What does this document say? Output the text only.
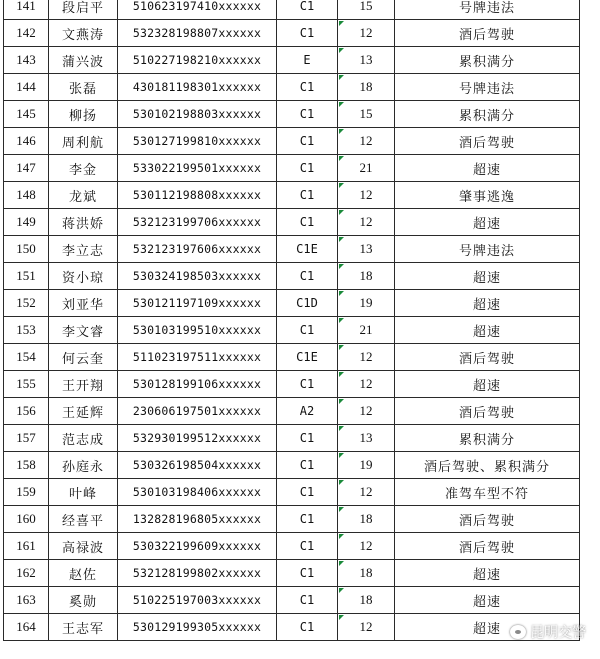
141	段启平	510623197410xxxxxx	C1	15	号牌违法
142	文燕涛	532328198807xxxxxx	C1	12	酒后驾驶
143	蒲兴波	510227198210xxxxxx	E	13	累积满分
144	张磊	430181198301xxxxxx	C1	18	号牌违法
145	柳扬	530102198803xxxxxx	C1	15	累积满分
146	周利航	530127199810xxxxxx	C1	12	酒后驾驶
147	李金	533022199501xxxxxx	C1	21	超速
148	龙斌	530112198808xxxxxx	C1	12	肇事逃逸
149	蒋洪娇	532123199706xxxxxx	C1	12	超速
150	李立志	532123197606xxxxxx	C1E	13	号牌违法
151	资小琼	530324198503xxxxxx	C1	18	超速
152	刘亚华	530121197109xxxxxx	C1D	19	超速
153	李文睿	530103199510xxxxxx	C1	21	超速
154	何云奎	511023197511xxxxxx	C1E	12	酒后驾驶
155	王开翔	530128199106xxxxxx	C1	12	超速
156	王延辉	230606197501xxxxxx	A2	12	酒后驾驶
157	范志成	532930199512xxxxxx	C1	13	累积满分
158	孙庭永	530326198504xxxxxx	C1	19	酒后驾驶、累积满分
159	叶峰	530103198406xxxxxx	C1	12	准驾车型不符
160	经喜平	132828196805xxxxxx	C1	18	酒后驾驶
161	高禄波	530322199609xxxxxx	C1	12	酒后驾驶
162	赵佐	532128199802xxxxxx	C1	18	超速
163	奚勋	510225197003xxxxxx	C1	18	超速
164	王志军	530129199305xxxxxx	C1	12	超速 昆明交警
